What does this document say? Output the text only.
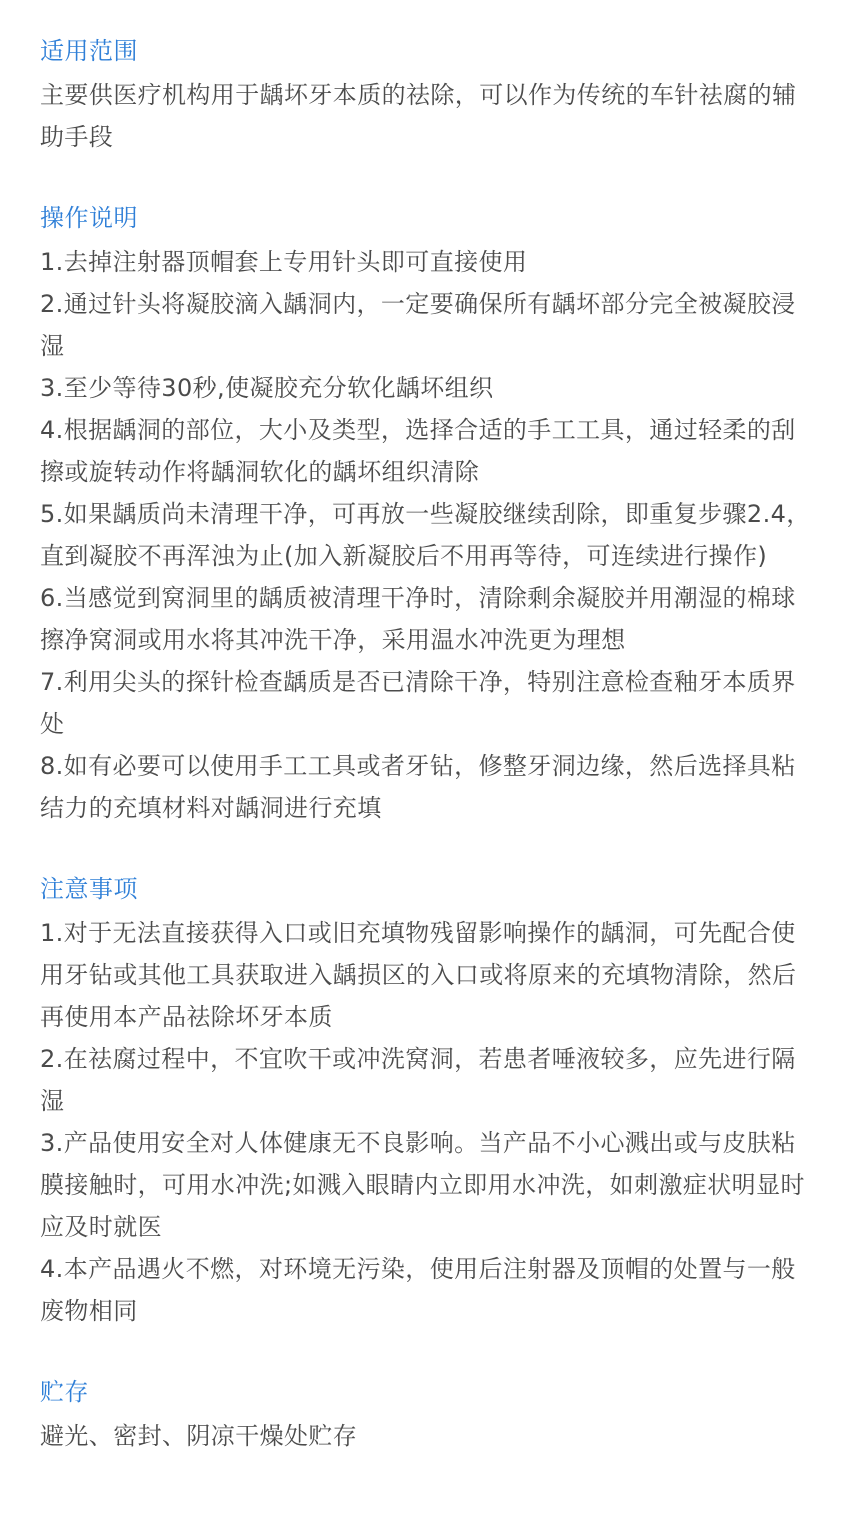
适用范围

主要供医疗机构用于龋坏牙本质的祛除，可以作为传统的车针祛腐的辅助手段

操作说明

1.去掉注射器顶帽套上专用针头即可直接使用

2.通过针头将凝胶滴入龋洞内，一定要确保所有龋坏部分完全被凝胶浸湿

3.至少等待30秒,使凝胶充分软化龋坏组织

4.根据龋洞的部位，大小及类型，选择合适的手工工具，通过轻柔的刮擦或旋转动作将龋洞软化的龋坏组织清除

5.如果龋质尚未清理干净，可再放一些凝胶继续刮除，即重复步骤2.4，直到凝胶不再浑浊为止(加入新凝胶后不用再等待，可连续进行操作)

6.当感觉到窝洞里的龋质被清理干净时，清除剩余凝胶并用潮湿的棉球擦净窝洞或用水将其冲洗干净，采用温水冲洗更为理想

7.利用尖头的探针检查龋质是否已清除干净，特别注意检查釉牙本质界处

8.如有必要可以使用手工工具或者牙钻，修整牙洞边缘，然后选择具粘结力的充填材料对龋洞进行充填

注意事项

1.对于无法直接获得入口或旧充填物残留影响操作的龋洞，可先配合使用牙钻或其他工具获取进入龋损区的入口或将原来的充填物清除，然后再使用本产品祛除坏牙本质

2.在祛腐过程中，不宜吹干或冲洗窝洞，若患者唾液较多，应先进行隔湿

3.产品使用安全对人体健康无不良影响。当产品不小心溅出或与皮肤粘膜接触时，可用水冲洗;如溅入眼睛内立即用水冲洗，如刺激症状明显时应及时就医

4.本产品遇火不燃，对环境无污染，使用后注射器及顶帽的处置与一般废物相同

贮存

避光、密封、阴凉干燥处贮存
